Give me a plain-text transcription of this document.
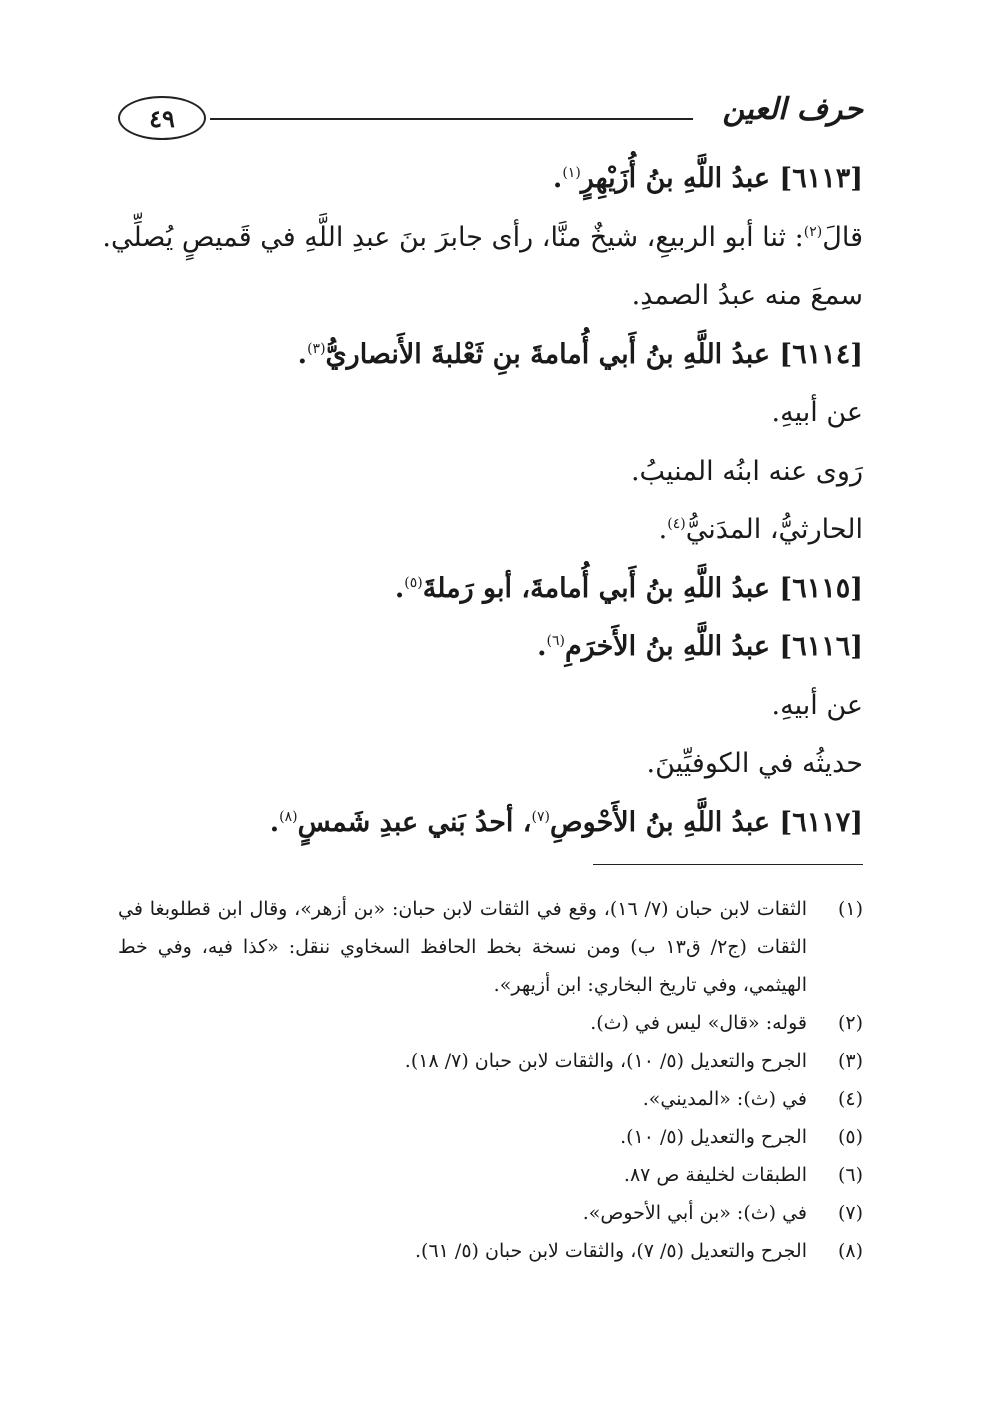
حرف العين
٤٩
[٦١١٣] عبدُ اللَّهِ بنُ أُزَيْهِرٍ$^{(١)}$.
قالَ$^{(٢)}$: ثنا أبو الربيعِ، شيخٌ منَّا، رأى جابرَ بنَ عبدِ اللَّهِ في قَميصٍ يُصلِّي.
سمعَ منه عبدُ الصمدِ.
[٦١١٤] عبدُ اللَّهِ بنُ أَبي أُمامةَ بنِ ثَعْلبةَ الأَنصاريُّ$^{(٣)}$.
عن أبيهِ.
رَوى عنه ابنُه المنيبُ.
الحارثيُّ، المدَنيُّ$^{(٤)}$.
[٦١١٥] عبدُ اللَّهِ بنُ أَبي أُمامةَ، أبو رَملةَ$^{(٥)}$.
[٦١١٦] عبدُ اللَّهِ بنُ الأَخرَمِ$^{(٦)}$.
عن أبيهِ.
حديثُه في الكوفيِّينَ.
[٦١١٧] عبدُ اللَّهِ بنُ الأَحْوصِ$^{(٧)}$، أحدُ بَني عبدِ شَمسٍ$^{(٨)}$.
(١)
الثقات لابن حبان (٧/ ١٦)، وقع في الثقات لابن حبان: «بن أزهر»، وقال ابن قطلوبغا في الثقات (ج٢/ ق١٣ ب) ومن نسخة بخط الحافظ السخاوي ننقل: «كذا فيه، وفي خط الهيثمي، وفي تاريخ البخاري: ابن أزيهر».
(٢)
قوله: «قال» ليس في (ث).
(٣)
الجرح والتعديل (٥/ ١٠)، والثقات لابن حبان (٧/ ١٨).
(٤)
في (ث): «المديني».
(٥)
الجرح والتعديل (٥/ ١٠).
(٦)
الطبقات لخليفة ص ٨٧.
(٧)
في (ث): «بن أبي الأحوص».
(٨)
الجرح والتعديل (٥/ ٧)، والثقات لابن حبان (٥/ ٦١).
